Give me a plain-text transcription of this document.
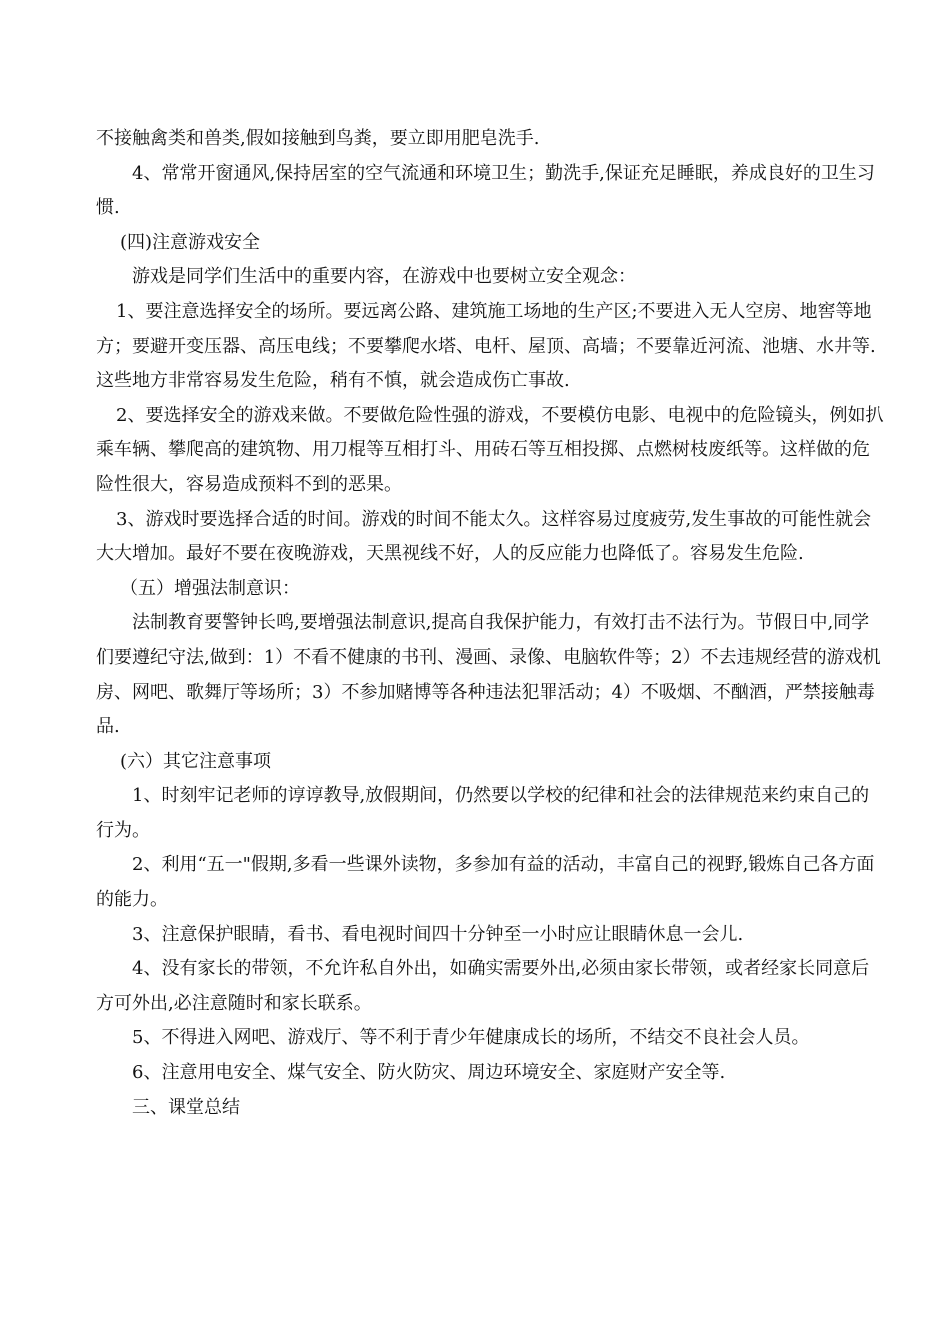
不接触禽类和兽类,假如接触到鸟粪，要立即用肥皂洗手.

4、常常开窗通风,保持居室的空气流通和环境卫生；勤洗手,保证充足睡眠，养成良好的卫生习惯.

(四)注意游戏安全

游戏是同学们生活中的重要内容，在游戏中也要树立安全观念：

1、要注意选择安全的场所。要远离公路、建筑施工场地的生产区;不要进入无人空房、地窖等地方；要避开变压器、高压电线；不要攀爬水塔、电杆、屋顶、高墙；不要靠近河流、池塘、水井等.这些地方非常容易发生危险，稍有不慎，就会造成伤亡事故.

2、要选择安全的游戏来做。不要做危险性强的游戏，不要模仿电影、电视中的危险镜头，例如扒乘车辆、攀爬高的建筑物、用刀棍等互相打斗、用砖石等互相投掷、点燃树枝废纸等。这样做的危险性很大，容易造成预料不到的恶果。

3、游戏时要选择合适的时间。游戏的时间不能太久。这样容易过度疲劳,发生事故的可能性就会大大增加。最好不要在夜晚游戏，天黑视线不好，人的反应能力也降低了。容易发生危险.

（五）增强法制意识：

法制教育要警钟长鸣,要增强法制意识,提高自我保护能力，有效打击不法行为。节假日中,同学们要遵纪守法,做到：1）不看不健康的书刊、漫画、录像、电脑软件等；2）不去违规经营的游戏机房、网吧、歌舞厅等场所；3）不参加赌博等各种违法犯罪活动；4）不吸烟、不酗酒，严禁接触毒品.

(六）其它注意事项

1、时刻牢记老师的谆谆教导,放假期间，仍然要以学校的纪律和社会的法律规范来约束自己的行为。

2、利用“五一"假期,多看一些课外读物，多参加有益的活动，丰富自己的视野,锻炼自己各方面的能力。

3、注意保护眼睛，看书、看电视时间四十分钟至一小时应让眼睛休息一会儿.

4、没有家长的带领，不允许私自外出，如确实需要外出,必须由家长带领，或者经家长同意后方可外出,必注意随时和家长联系。

5、不得进入网吧、游戏厅、等不利于青少年健康成长的场所，不结交不良社会人员。

6、注意用电安全、煤气安全、防火防灾、周边环境安全、家庭财产安全等.

三、课堂总结
